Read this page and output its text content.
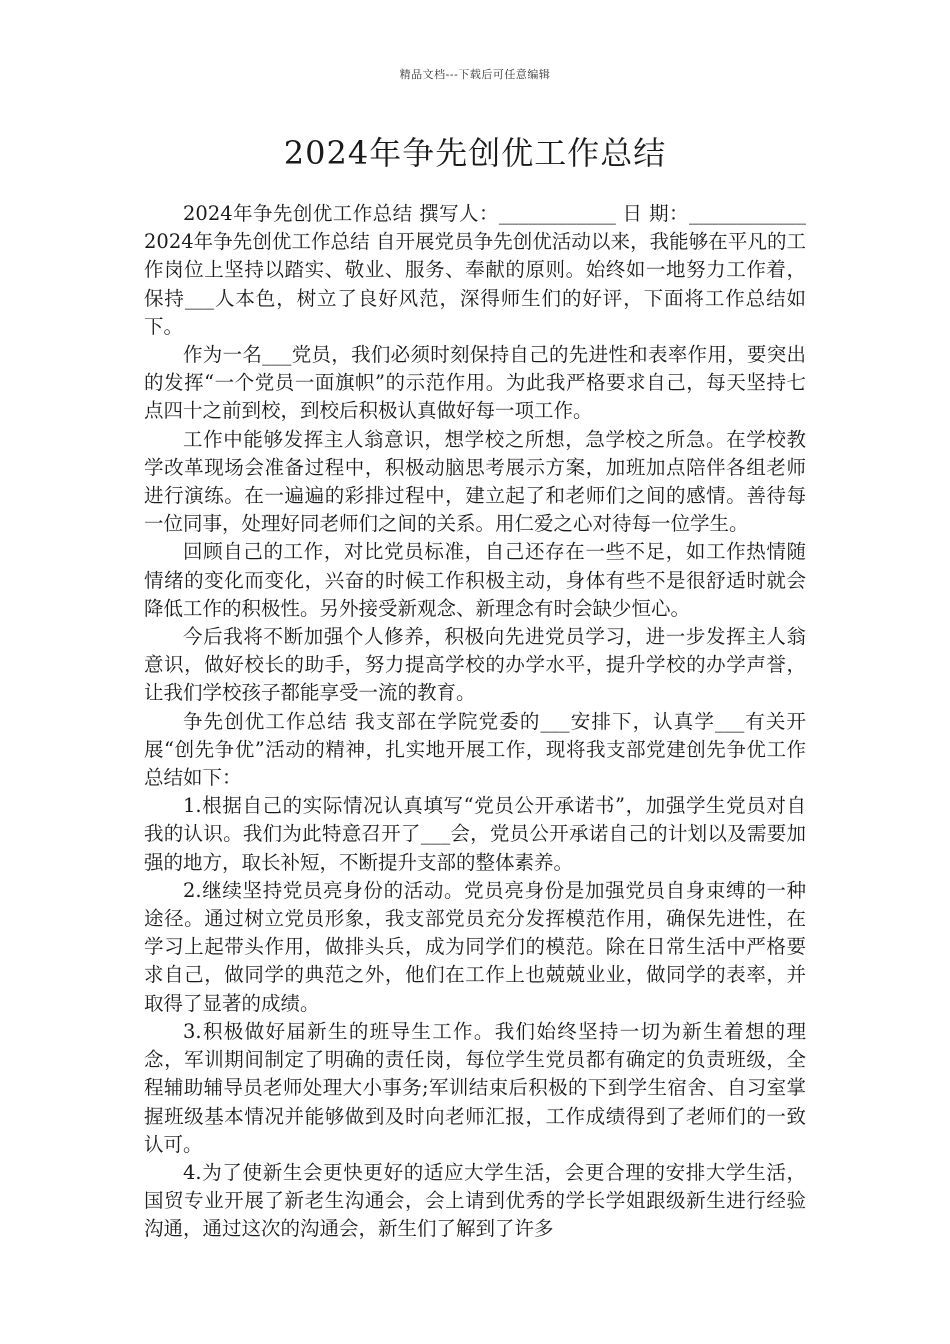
精品文档---下载后可任意编辑
2024年争先创优工作总结

2024年争先创优工作总结 撰写人：____________ 日 期：____________ 2024年争先创优工作总结 自开展党员争先创优活动以来，我能够在平凡的工作岗位上坚持以踏实、敬业、服务、奉献的原则。始终如一地努力工作着，保持___人本色，树立了良好风范，深得师生们的好评，下面将工作总结如下。

作为一名___党员，我们必须时刻保持自己的先进性和表率作用，要突出的发挥“一个党员一面旗帜”的示范作用。为此我严格要求自己，每天坚持七点四十之前到校，到校后积极认真做好每一项工作。

工作中能够发挥主人翁意识，想学校之所想，急学校之所急。在学校教学改革现场会准备过程中，积极动脑思考展示方案，加班加点陪伴各组老师进行演练。在一遍遍的彩排过程中，建立起了和老师们之间的感情。善待每一位同事，处理好同老师们之间的关系。用仁爱之心对待每一位学生。

回顾自己的工作，对比党员标准，自己还存在一些不足，如工作热情随情绪的变化而变化，兴奋的时候工作积极主动，身体有些不是很舒适时就会降低工作的积极性。另外接受新观念、新理念有时会缺少恒心。

今后我将不断加强个人修养，积极向先进党员学习，进一步发挥主人翁意识，做好校长的助手，努力提高学校的办学水平，提升学校的办学声誉，让我们学校孩子都能享受一流的教育。

争先创优工作总结 我支部在学院党委的___安排下，认真学___有关开展“创先争优”活动的精神，扎实地开展工作，现将我支部党建创先争优工作总结如下：

1.根据自己的实际情况认真填写“党员公开承诺书”，加强学生党员对自我的认识。我们为此特意召开了___会，党员公开承诺自己的计划以及需要加强的地方，取长补短，不断提升支部的整体素养。

2.继续坚持党员亮身份的活动。党员亮身份是加强党员自身束缚的一种途径。通过树立党员形象，我支部党员充分发挥模范作用，确保先进性，在学习上起带头作用，做排头兵，成为同学们的模范。除在日常生活中严格要求自己，做同学的典范之外，他们在工作上也兢兢业业，做同学的表率，并取得了显著的成绩。

3.积极做好届新生的班导生工作。我们始终坚持一切为新生着想的理念，军训期间制定了明确的责任岗，每位学生党员都有确定的负责班级，全程辅助辅导员老师处理大小事务;军训结束后积极的下到学生宿舍、自习室掌握班级基本情况并能够做到及时向老师汇报，工作成绩得到了老师们的一致认可。

4.为了使新生会更快更好的适应大学生活，会更合理的安排大学生活，国贸专业开展了新老生沟通会，会上请到优秀的学长学姐跟级新生进行经验沟通，通过这次的沟通会，新生们了解到了许多
